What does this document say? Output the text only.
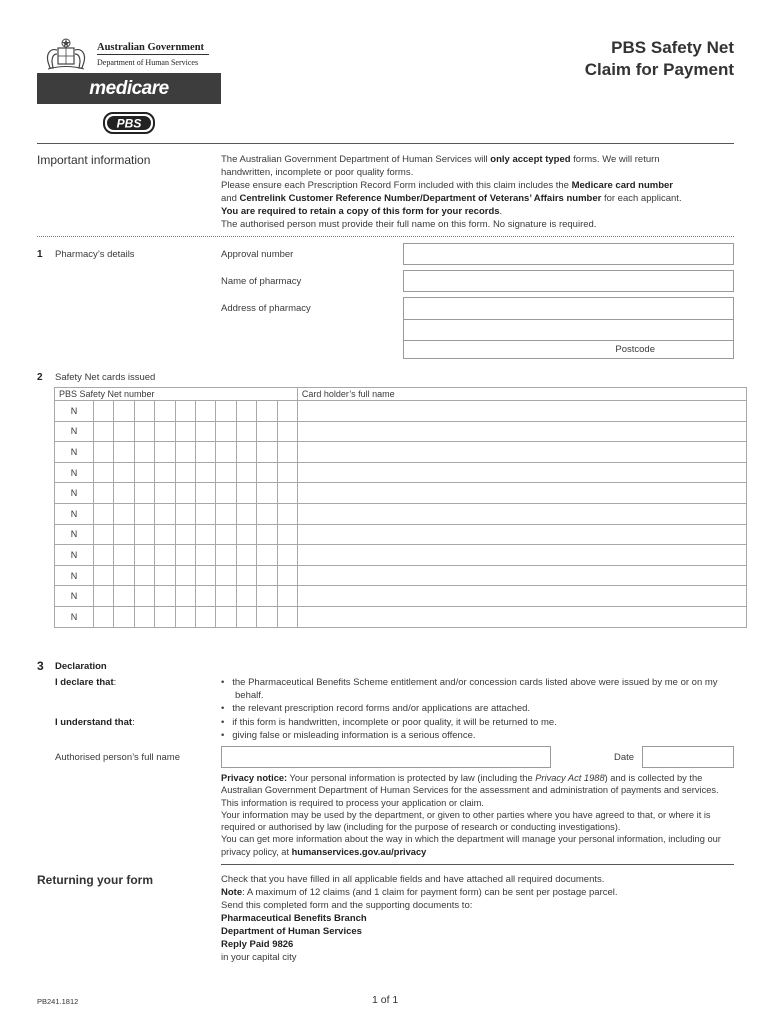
Australian Government
Department of Human Services
medicare
PBS
PBS Safety Net
Claim for Payment
Important information	The Australian Government Department of Human Services will only accept typed forms. We will return
handwritten, incomplete or poor quality forms.
Please ensure each Prescription Record Form included with this claim includes the Medicare card number
and Centrelink Customer Reference Number/Department of Veterans’ Affairs number for each applicant.
You are required to retain a copy of this form for your records.
The authorised person must provide their full name on this form. No signature is required.
1 Pharmacy’s details	Approval number
Name of pharmacy
Address of pharmacy
Postcode
2 Safety Net cards issued
PBS Safety Net number											Card holder’s full name
N											
N											
N											
N											
N											
N											
N											
N											
N											
N											
N											
3 Declaration
I declare that:	•   the Pharmaceutical Benefits Scheme entitlement and/or concession cards listed above were issued by me or on my behalf.
•   the relevant prescription record forms and/or applications are attached.
I understand that:	•   if this form is handwritten, incomplete or poor quality, it will be returned to me.
•   giving false or misleading information is a serious offence.
Authorised person’s full name	Date
Privacy notice: Your personal information is protected by law (including the Privacy Act 1988) and is collected by the Australian Government Department of Human Services for the assessment and administration of payments and services. This information is required to process your application or claim.
Your information may be used by the department, or given to other parties where you have agreed to that, or where it is required or authorised by law (including for the purpose of research or conducting investigations).
You can get more information about the way in which the department will manage your personal information, including our privacy policy, at humanservices.gov.au/privacy
Returning your form	Check that you have filled in all applicable fields and have attached all required documents.
Note: A maximum of 12 claims (and 1 claim for payment form) can be sent per postage parcel.
Send this completed form and the supporting documents to:
Pharmaceutical Benefits Branch
Department of Human Services
Reply Paid 9826
in your capital city
PB241.1812	1 of 1
